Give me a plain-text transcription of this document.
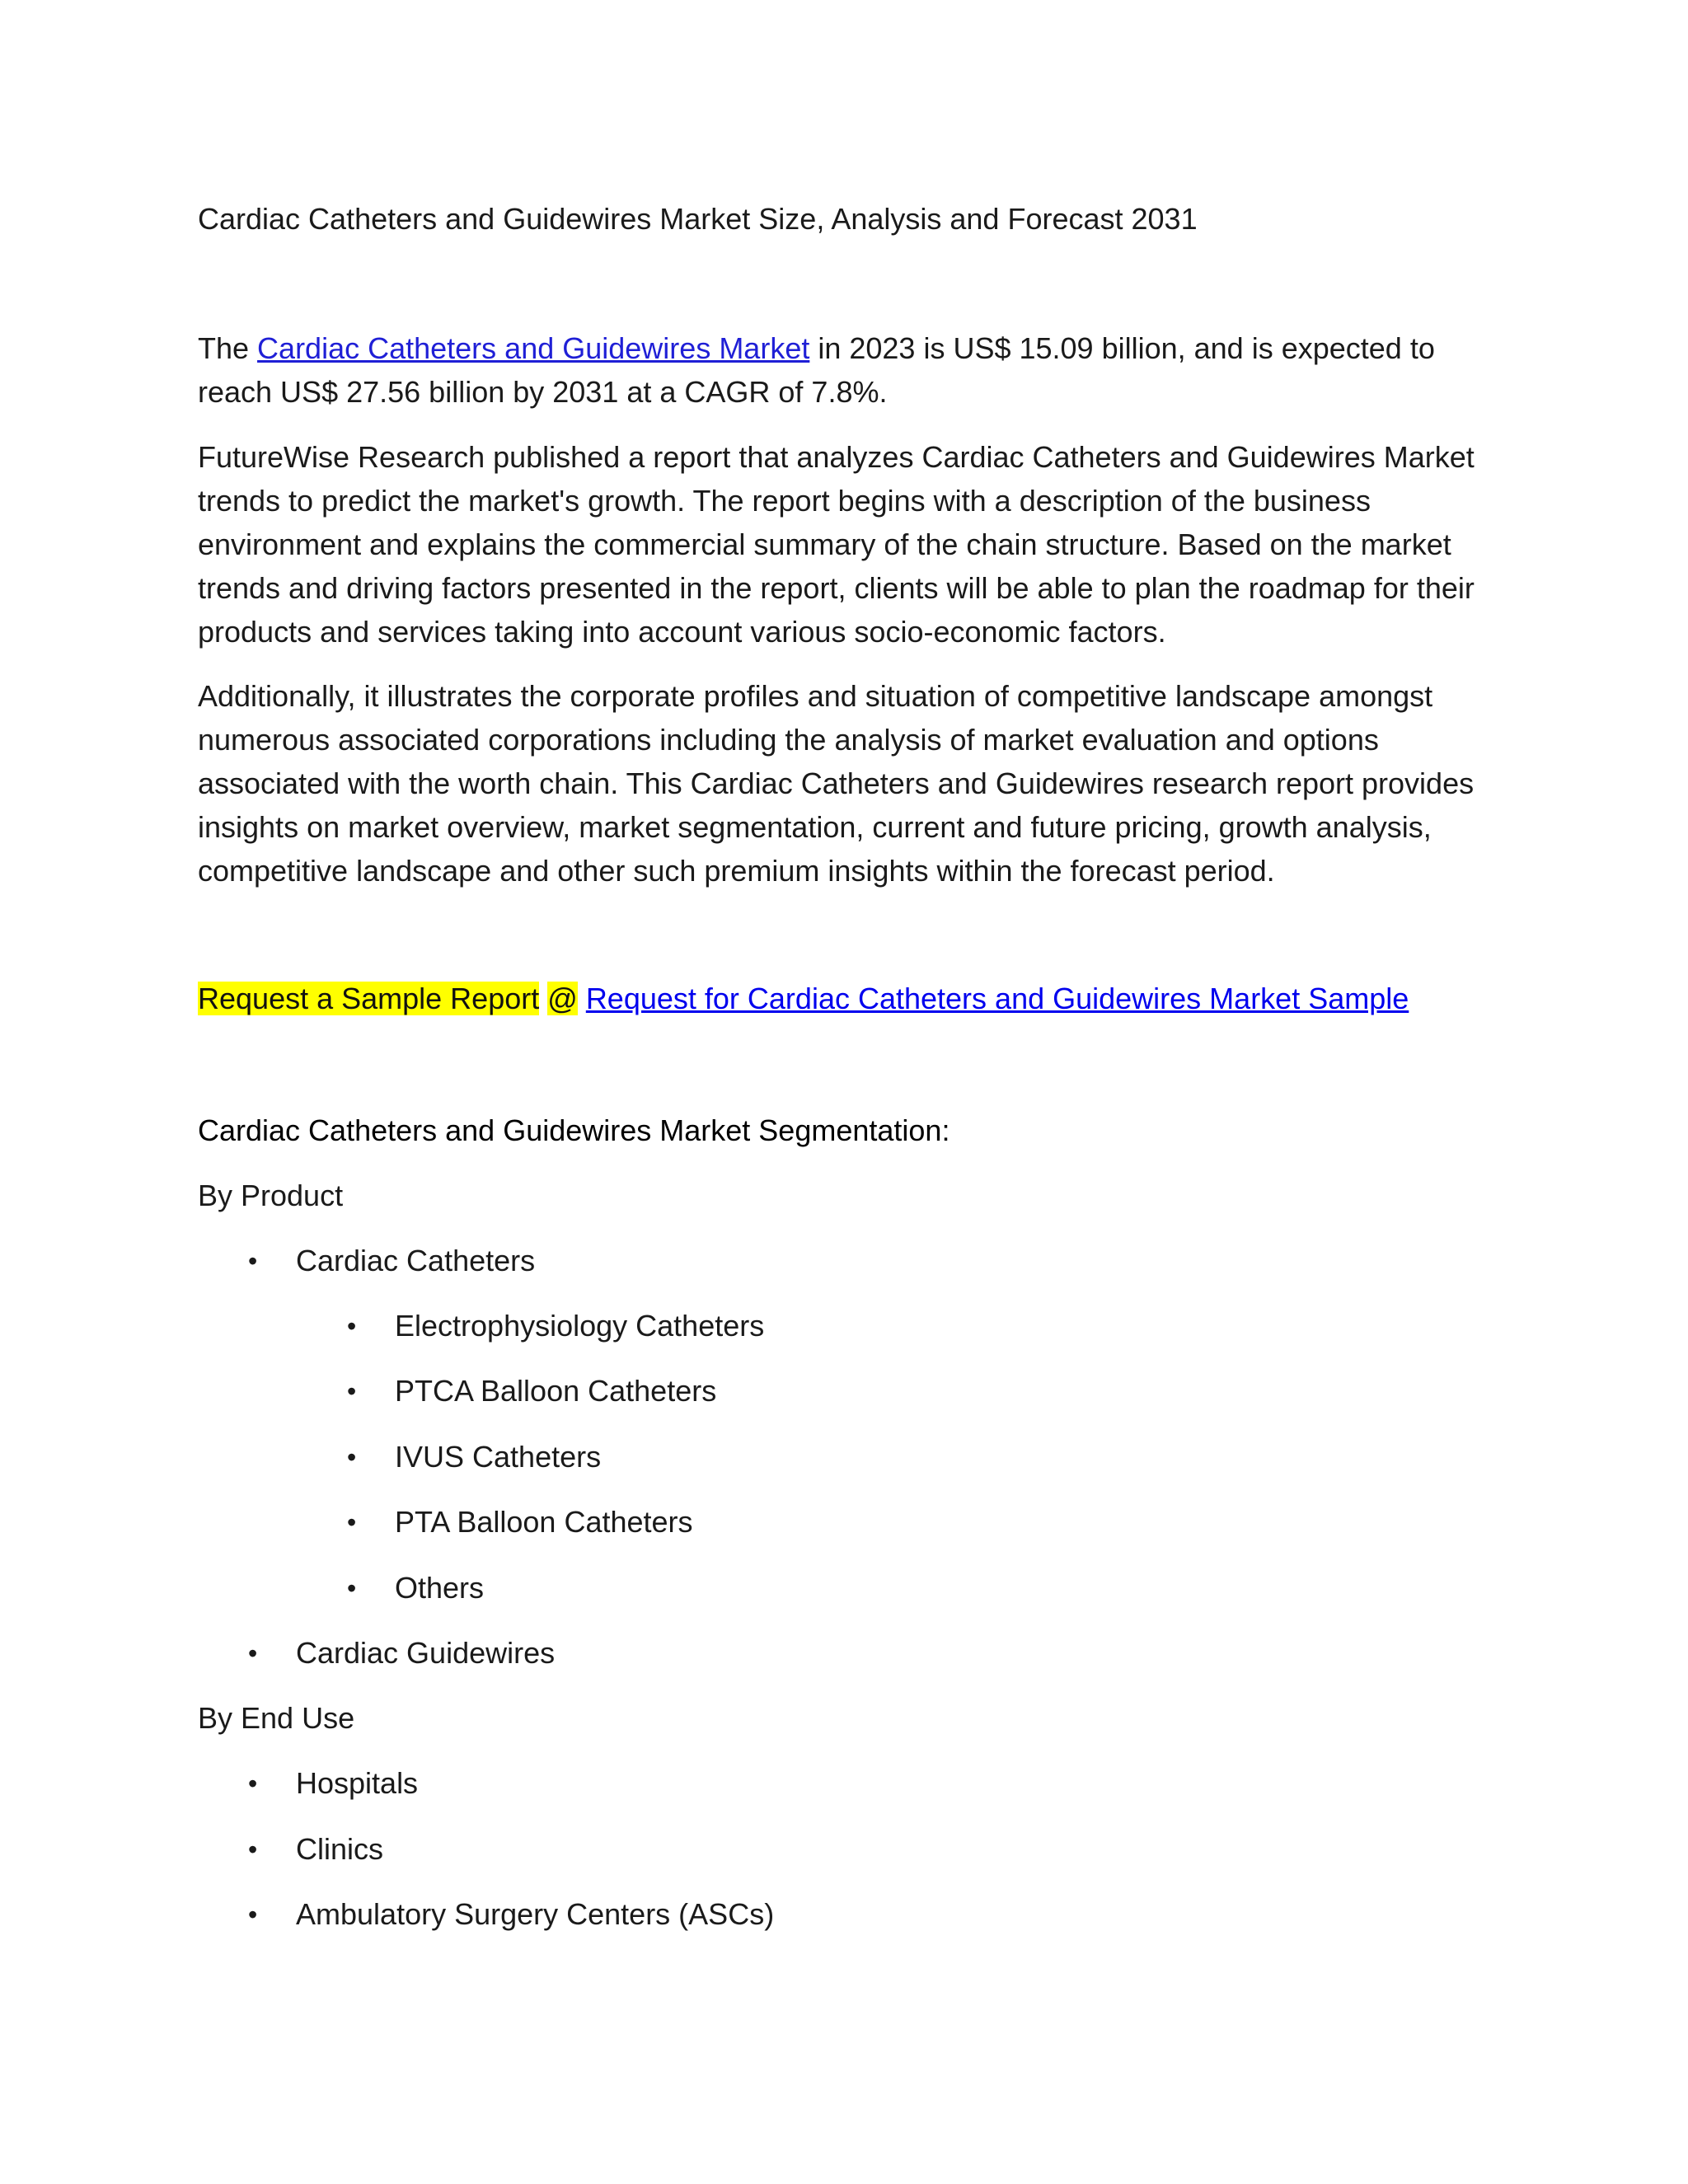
Cardiac Catheters and Guidewires Market Size, Analysis and Forecast 2031

The Cardiac Catheters and Guidewires Market in 2023 is US$ 15.09 billion, and is expected to reach US$ 27.56 billion by 2031 at a CAGR of 7.8%.

FutureWise Research published a report that analyzes Cardiac Catheters and Guidewires Market trends to predict the market's growth. The report begins with a description of the business environment and explains the commercial summary of the chain structure. Based on the market trends and driving factors presented in the report, clients will be able to plan the roadmap for their products and services taking into account various socio-economic factors.

Additionally, it illustrates the corporate profiles and situation of competitive landscape amongst numerous associated corporations including the analysis of market evaluation and options associated with the worth chain. This Cardiac Catheters and Guidewires research report provides insights on market overview, market segmentation, current and future pricing, growth analysis, competitive landscape and other such premium insights within the forecast period.

Request a Sample Report @ Request for Cardiac Catheters and Guidewires Market Sample
Cardiac Catheters and Guidewires Market Segmentation:
By Product
• Cardiac Catheters
• Electrophysiology Catheters
• PTCA Balloon Catheters
• IVUS Catheters
• PTA Balloon Catheters
• Others
• Cardiac Guidewires
By End Use
• Hospitals
• Clinics
• Ambulatory Surgery Centers (ASCs)
